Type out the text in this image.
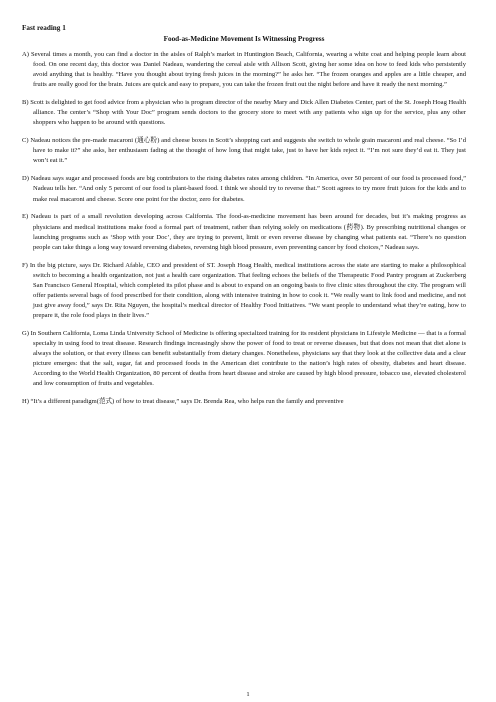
Fast reading 1
Food-as-Medicine Movement Is Witnessing Progress

A) Several times a month, you can find a doctor in the aisles of Ralph’s market in Huntington Beach, California, wearing a white coat and helping people learn about food. On one recent day, this doctor was Daniel Nadeau, wandering the cereal aisle with Allison Scott, giving her some idea on how to feed kids who persistently avoid anything that is healthy. “Have you thought about trying fresh juices in the morning?” he asks her. “The frozen oranges and apples are a little cheaper, and fruits are really good for the brain. Juices are quick and easy to prepare, you can take the frozen fruit out the night before and have it ready the next morning.”

B) Scott is delighted to get food advice from a physician who is program director of the nearby Mary and Dick Allen Diabetes Center, part of the St. Joseph Hoag Health alliance. The center’s “Shop with Your Doc” program sends doctors to the grocery store to meet with any patients who sign up for the service, plus any other shoppers who happen to be around with questions.

C) Nadeau notices the pre-made macaroni (通心粉) and cheese boxes in Scott’s shopping cart and suggests she switch to whole grain macaroni and real cheese. “So I’d have to make it?” she asks, her enthusiasm fading at the thought of how long that might take, just to have her kids reject it. “I’m not sure they’d eat it. They just won’t eat it.”

D) Nadeau says sugar and processed foods are big contributors to the rising diabetes rates among children. “In America, over 50 percent of our food is processed food,” Nadeau tells her. “And only 5 percent of our food is plant-based food. I think we should try to reverse that.” Scott agrees to try more fruit juices for the kids and to make real macaroni and cheese. Score one point for the doctor, zero for diabetes.

E) Nadeau is part of a small revolution developing across California. The food-as-medicine movement has been around for decades, but it’s making progress as physicians and medical institutions make food a formal part of treatment, rather than relying solely on medications (药物). By prescribing nutritional changes or launching programs such as ‘Shop with your Doc’, they are trying to prevent, limit or even reverse disease by changing what patients eat. “There’s no question people can take things a long way toward reversing diabetes, reversing high blood pressure, even preventing cancer by food choices,” Nadeau says.

F) In the big picture, says Dr. Richard Afable, CEO and president of ST. Joseph Hoag Health, medical institutions across the state are starting to make a philosophical switch to becoming a health organization, not just a health care organization. That feeling echoes the beliefs of the Therapeutic Food Pantry program at Zuckerberg San Francisco General Hospital, which completed its pilot phase and is about to expand on an ongoing basis to five clinic sites throughout the city. The program will offer patients several bags of food prescribed for their condition, along with intensive training in how to cook it. “We really want to link food and medicine, and not just give away food,” says Dr. Rita Nguyen, the hospital’s medical director of Healthy Food Initiatives. “We want people to understand what they’re eating, how to prepare it, the role food plays in their lives.”

G) In Southern California, Loma Linda University School of Medicine is offering specialized training for its resident physicians in Lifestyle Medicine — that is a formal specialty in using food to treat disease. Research findings increasingly show the power of food to treat or reverse diseases, but that does not mean that diet alone is always the solution, or that every illness can benefit substantially from dietary changes. Nonetheless, physicians say that they look at the collective data and a clear picture emerges: that the salt, sugar, fat and processed foods in the American diet contribute to the nation’s high rates of obesity, diabetes and heart disease. According to the World Health Organization, 80 percent of deaths from heart disease and stroke are caused by high blood pressure, tobacco use, elevated cholesterol and low consumption of fruits and vegetables.

H) “It’s a different paradigm(范式) of how to treat disease,” says Dr. Brenda Rea, who helps run the family and preventive

1
